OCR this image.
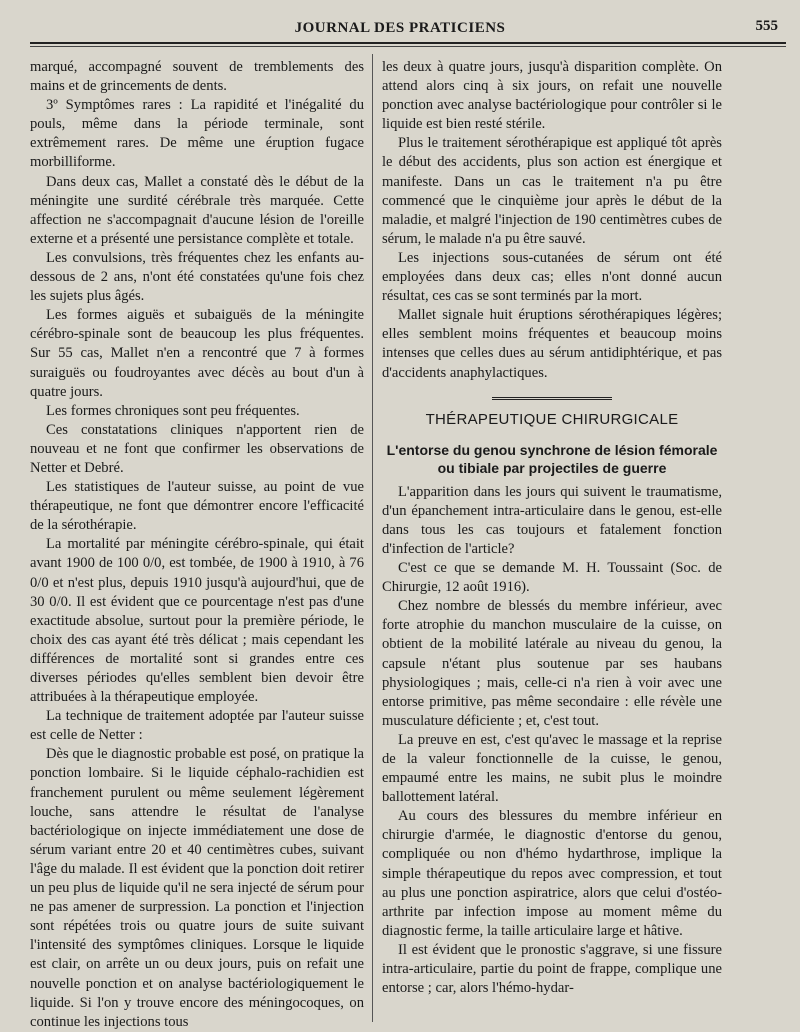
JOURNAL DES PRATICIENS	555

marqué, accompagné souvent de tremblements des mains et de grincements de dents.

3º Symptômes rares : La rapidité et l'inégalité du pouls, même dans la période terminale, sont extrêmement rares. De même une éruption fugace morbilliforme.

Dans deux cas, Mallet a constaté dès le début de la méningite une surdité cérébrale très marquée. Cette affection ne s'accompagnait d'aucune lésion de l'oreille externe et a présenté une persistance complète et totale.

Les convulsions, très fréquentes chez les enfants au-dessous de 2 ans, n'ont été constatées qu'une fois chez les sujets plus âgés.

Les formes aiguës et subaiguës de la méningite cérébro-spinale sont de beaucoup les plus fréquentes. Sur 55 cas, Mallet n'en a rencontré que 7 à formes suraiguës ou foudroyantes avec décès au bout d'un à quatre jours.

Les formes chroniques sont peu fréquentes.

Ces constatations cliniques n'apportent rien de nouveau et ne font que confirmer les observations de Netter et Debré.

Les statistiques de l'auteur suisse, au point de vue thérapeutique, ne font que démontrer encore l'efficacité de la sérothérapie.

La mortalité par méningite cérébro-spinale, qui était avant 1900 de 100 0/0, est tombée, de 1900 à 1910, à 76 0/0 et n'est plus, depuis 1910 jusqu'à aujourd'hui, que de 30 0/0. Il est évident que ce pourcentage n'est pas d'une exactitude absolue, surtout pour la première période, le choix des cas ayant été très délicat ; mais cependant les différences de mortalité sont si grandes entre ces diverses périodes qu'elles semblent bien devoir être attribuées à la thérapeutique employée.

La technique de traitement adoptée par l'auteur suisse est celle de Netter :

Dès que le diagnostic probable est posé, on pratique la ponction lombaire. Si le liquide céphalo-rachidien est franchement purulent ou même seulement légèrement louche, sans attendre le résultat de l'analyse bactériologique on injecte immédiatement une dose de sérum variant entre 20 et 40 centimètres cubes, suivant l'âge du malade. Il est évident que la ponction doit retirer un peu plus de liquide qu'il ne sera injecté de sérum pour ne pas amener de surpression. La ponction et l'injection sont répétées trois ou quatre jours de suite suivant l'intensité des symptômes cliniques. Lorsque le liquide est clair, on arrête un ou deux jours, puis on refait une nouvelle ponction et on analyse bactériologiquement le liquide. Si l'on y trouve encore des méningocoques, on continue les injections tous

les deux à quatre jours, jusqu'à disparition complète. On attend alors cinq à six jours, on refait une nouvelle ponction avec analyse bactériologique pour contrôler si le liquide est bien resté stérile.

Plus le traitement sérothérapique est appliqué tôt après le début des accidents, plus son action est énergique et manifeste. Dans un cas le traitement n'a pu être commencé que le cinquième jour après le début de la maladie, et malgré l'injection de 190 centimètres cubes de sérum, le malade n'a pu être sauvé.

Les injections sous-cutanées de sérum ont été employées dans deux cas; elles n'ont donné aucun résultat, ces cas se sont terminés par la mort.

Mallet signale huit éruptions sérothérapiques légères; elles semblent moins fréquentes et beaucoup moins intenses que celles dues au sérum antidiphtérique, et pas d'accidents anaphylactiques.

THÉRAPEUTIQUE CHIRURGICALE
L'entorse du genou synchrone de lésion fémorale ou tibiale par projectiles de guerre

L'apparition dans les jours qui suivent le traumatisme, d'un épanchement intra-articulaire dans le genou, est-elle dans tous les cas toujours et fatalement fonction d'infection de l'article?

C'est ce que se demande M. H. Toussaint (Soc. de Chirurgie, 12 août 1916).

Chez nombre de blessés du membre inférieur, avec forte atrophie du manchon musculaire de la cuisse, on obtient de la mobilité latérale au niveau du genou, la capsule n'étant plus soutenue par ses haubans physiologiques ; mais, celle-ci n'a rien à voir avec une entorse primitive, pas même secondaire : elle révèle une musculature déficiente ; et, c'est tout.

La preuve en est, c'est qu'avec le massage et la reprise de la valeur fonctionnelle de la cuisse, le genou, empaumé entre les mains, ne subit plus le moindre ballottement latéral.

Au cours des blessures du membre inférieur en chirurgie d'armée, le diagnostic d'entorse du genou, compliquée ou non d'hémo hydarthrose, implique la simple thérapeutique du repos avec compression, et tout au plus une ponction aspiratrice, alors que celui d'ostéo-arthrite par infection impose au moment même du diagnostic ferme, la taille articulaire large et hâtive.

Il est évident que le pronostic s'aggrave, si une fissure intra-articulaire, partie du point de frappe, complique une entorse ; car, alors l'hémo-hydar-
